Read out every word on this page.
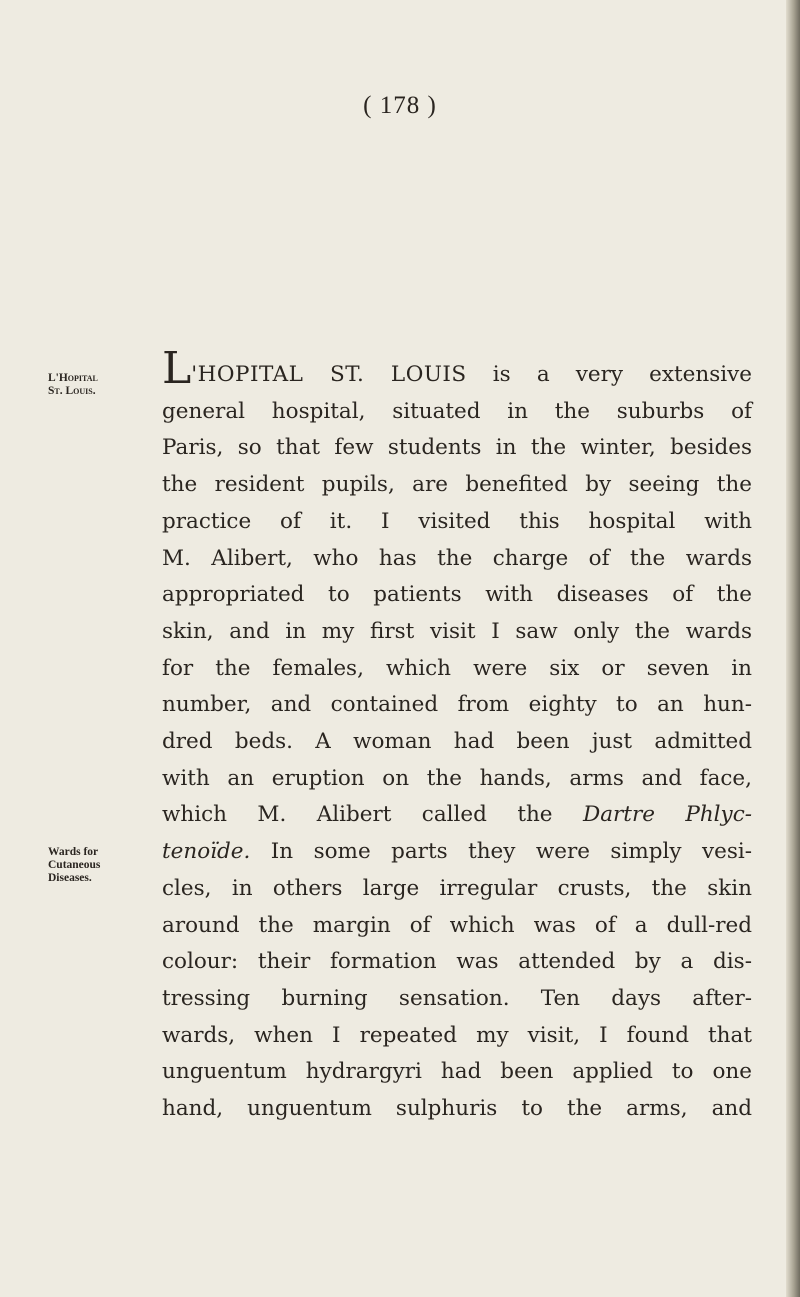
( 178 )
L'Hopital
St. Louis.
Wards for
Cutaneous
Diseases.
L'HOPITAL ST. LOUIS is a very extensive
general hospital, situated in the suburbs of
Paris, so that few students in the winter, besides
the resident pupils, are benefited by seeing the
practice of it. I visited this hospital with
M. Alibert, who has the charge of the wards
appropriated to patients with diseases of the
skin, and in my first visit I saw only the wards
for the females, which were six or seven in
number, and contained from eighty to an hun-
dred beds. A woman had been just admitted
with an eruption on the hands, arms and face,
which M. Alibert called the Dartre Phlyc-
tenoïde. In some parts they were simply vesi-
cles, in others large irregular crusts, the skin
around the margin of which was of a dull-red
colour: their formation was attended by a dis-
tressing burning sensation. Ten days after-
wards, when I repeated my visit, I found that
unguentum hydrargyri had been applied to one
hand, unguentum sulphuris to the arms, and
